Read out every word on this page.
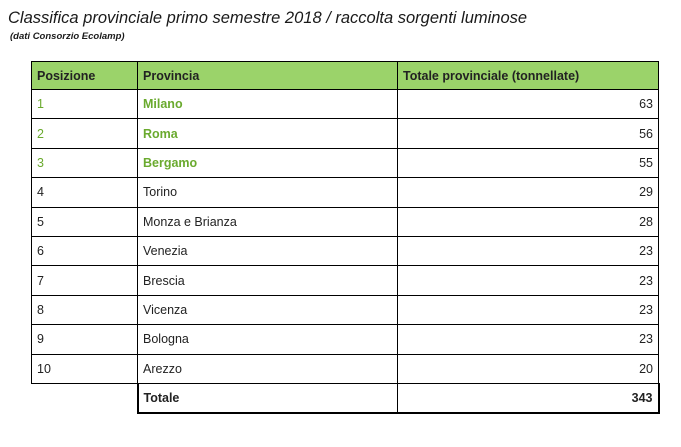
Classifica provinciale primo semestre 2018 / raccolta sorgenti luminose
(dati Consorzio Ecolamp)
Posizione	Provincia	Totale provinciale (tonnellate)
1	Milano	63
2	Roma	56
3	Bergamo	55
4	Torino	29
5	Monza e Brianza	28
6	Venezia	23
7	Brescia	23
8	Vicenza	23
9	Bologna	23
10	Arezzo	20
	Totale	343
